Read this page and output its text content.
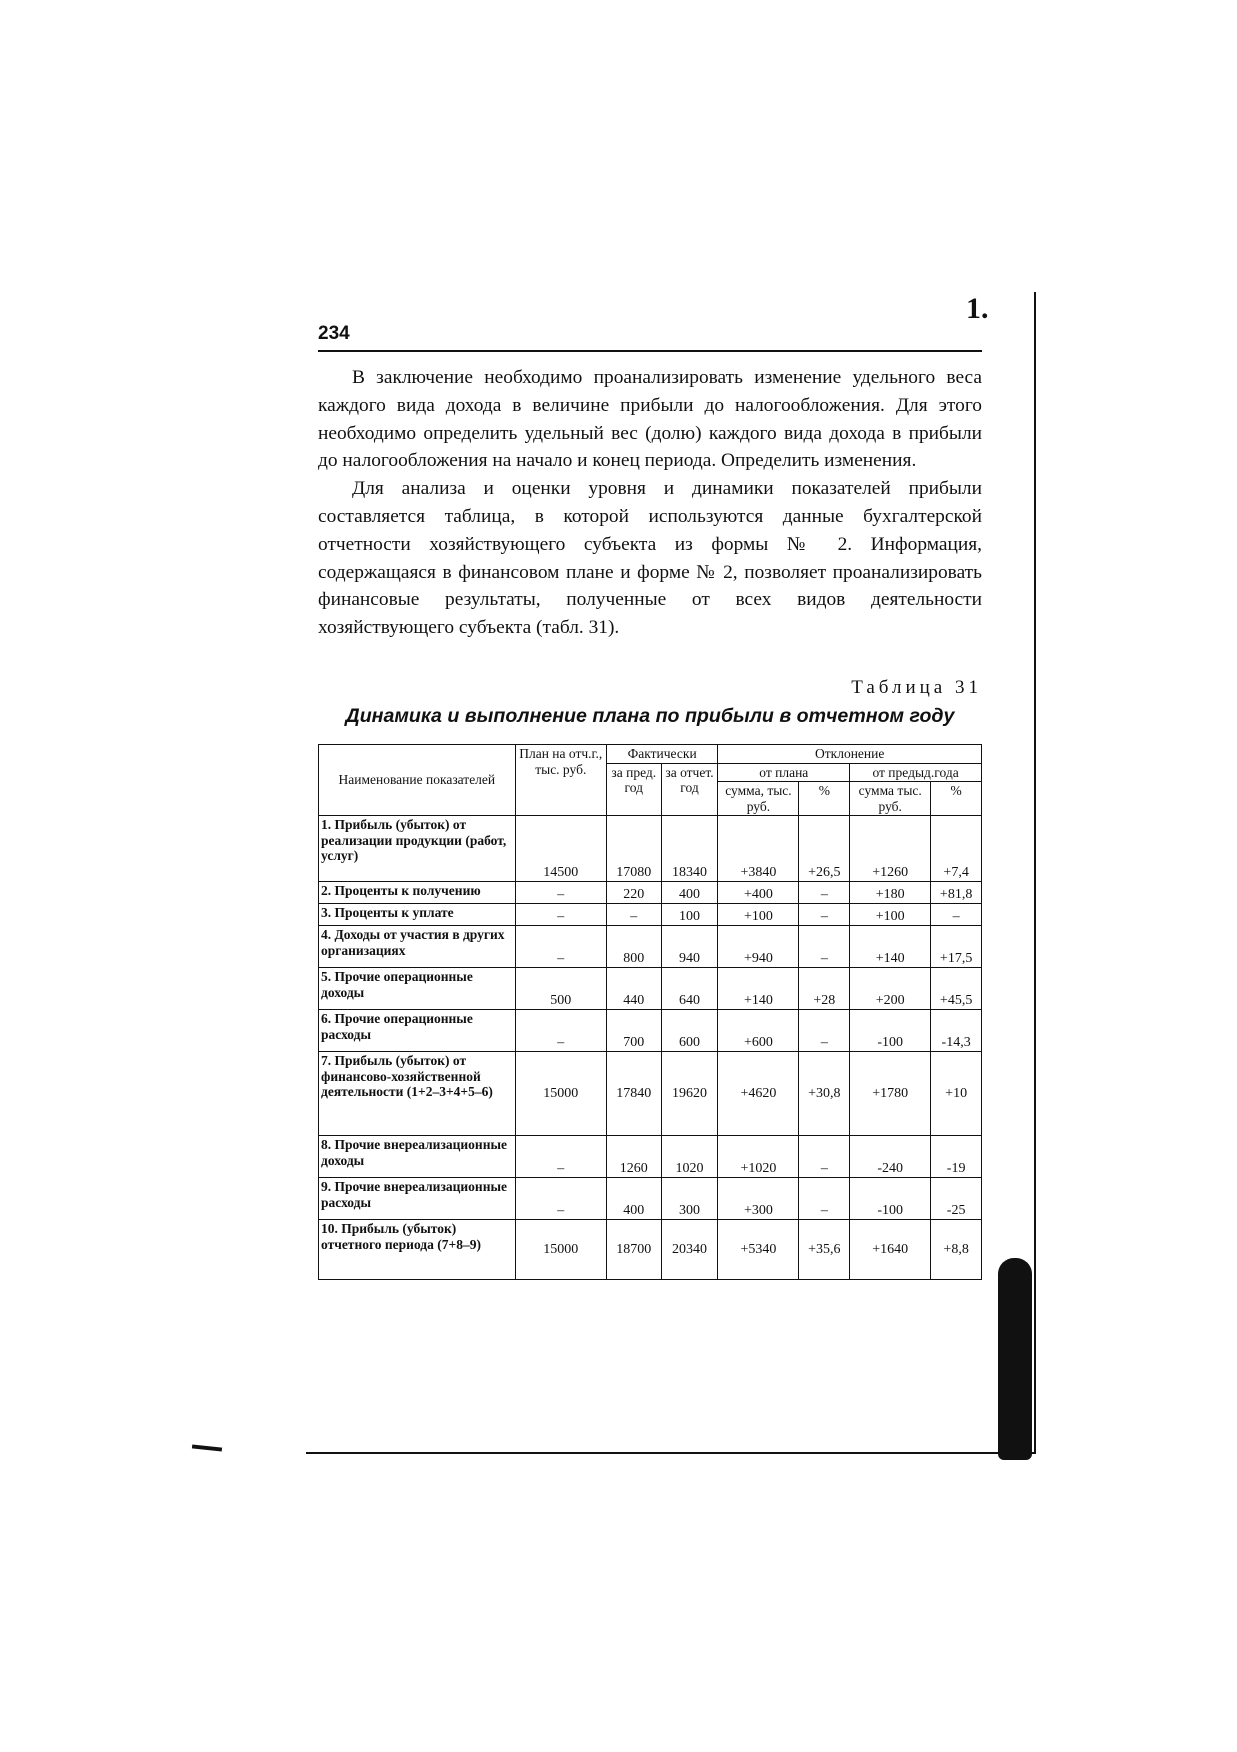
234
1.

В заключение необходимо проанализировать изменение удельного веса каждого вида дохода в величине прибыли до налогообложения. Для этого необходимо определить удельный вес (долю) каждого вида дохода в прибыли до налогообложения на начало и конец периода. Определить изменения.

Для анализа и оценки уровня и динамики показателей прибыли составляется таблица, в которой используются данные бухгалтерской отчетности хозяйствующего субъекта из формы № 2. Информация, содержащаяся в финансовом плане и форме № 2, позволяет проанализировать финансовые результаты, полученные от всех видов деятельности хозяйствующего субъекта (табл. 31).

Таблица 31
Динамика и выполнение плана по прибыли в отчетном году
Наименование показателей	План на отч.г., тыс. руб.	Фактически		Отклонение			
		за пред. год	за отчет. год	от плана		от предыд.года	
				сумма, тыс. руб.	%	сумма тыс. руб.	%
1. Прибыль (убыток) от реализации продукции (работ, услуг)	14500	17080	18340	+3840	+26,5	+1260	+7,4
2. Проценты к получению	–	220	400	+400	–	+180	+81,8
3. Проценты к уплате	–	–	100	+100	–	+100	–
4. Доходы от участия в других организациях	–	800	940	+940	–	+140	+17,5
5. Прочие операционные доходы	500	440	640	+140	+28	+200	+45,5
6. Прочие операционные расходы	–	700	600	+600	–	-100	-14,3
7. Прибыль (убыток) от финансово-хозяйственной деятельности (1+2–3+4+5–6)	15000	17840	19620	+4620	+30,8	+1780	+10
8. Прочие внереализационные доходы	–	1260	1020	+1020	–	-240	-19
9. Прочие внереализационные расходы	–	400	300	+300	–	-100	-25
10. Прибыль (убыток) отчетного периода (7+8–9)	15000	18700	20340	+5340	+35,6	+1640	+8,8
